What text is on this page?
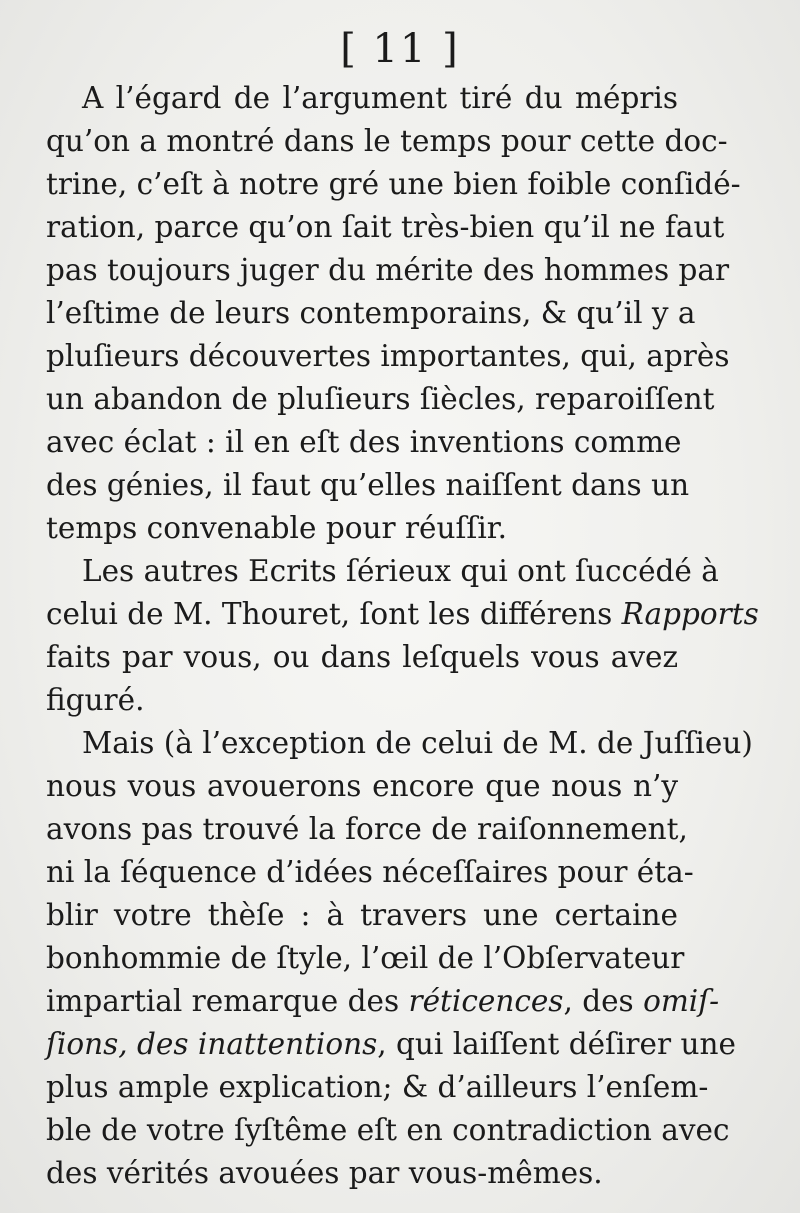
[ 11 ]
A l’égard de l’argument tiré du mépris
qu’on a montré dans le temps pour cette doc-
trine, c’eſt à notre gré une bien foible conſidé-
ration, parce qu’on ſait très-bien qu’il ne faut
pas toujours juger du mérite des hommes par
l’eſtime de leurs contemporains, & qu’il y a
pluſieurs découvertes importantes, qui, après
un abandon de pluſieurs ſiècles, reparoiſſent
avec éclat : il en eſt des inventions comme
des génies, il faut qu’elles naiſſent dans un
temps convenable pour réuſſir.
Les autres Ecrits ſérieux qui ont ſuccédé à
celui de M. Thouret, ſont les différens Rapports
faits par vous, ou dans leſquels vous avez
figuré.
Mais (à l’exception de celui de M. de Juſſieu)
nous vous avouerons encore que nous n’y
avons pas trouvé la force de raiſonnement,
ni la ſéquence d’idées néceſſaires pour éta-
blir votre thèſe : à travers une certaine
bonhommie de ſtyle, l’œil de l’Obſervateur
impartial remarque des réticences, des omiſ-
ſions, des inattentions, qui laiſſent déſirer une
plus ample explication; & d’ailleurs l’enſem-
ble de votre ſyſtême eſt en contradiction avec
des vérités avouées par vous-mêmes.
